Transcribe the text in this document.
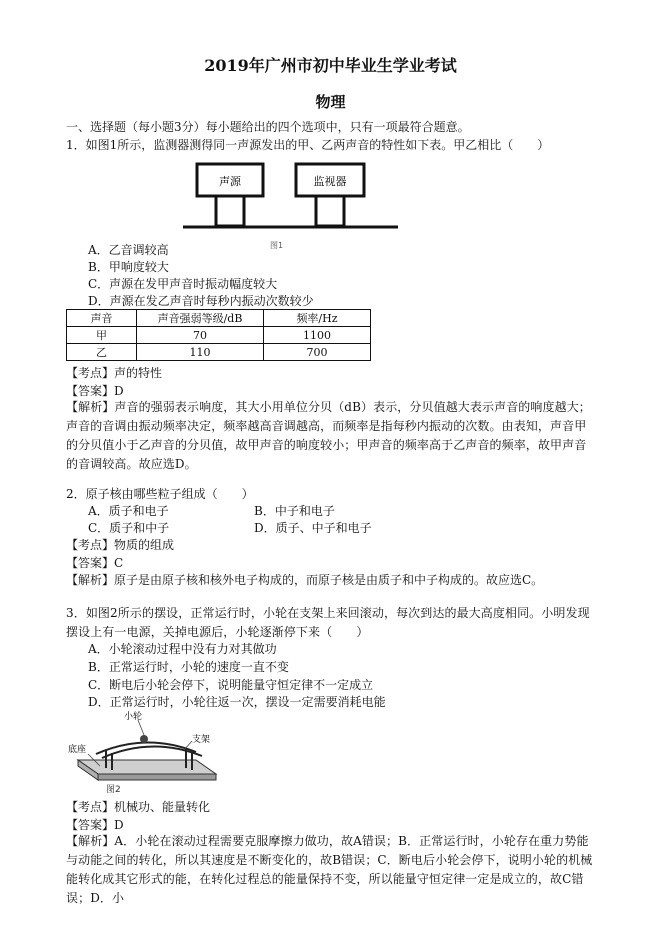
2019年广州市初中毕业生学业考试
物理
一、选择题（每小题3分）每小题给出的四个选项中，只有一项最符合题意。
1．如图1所示，监测器测得同一声源发出的甲、乙两声音的特性如下表。甲乙相比（　　）
声源	监视器
图1
A．乙音调较高
B．甲响度较大
C．声源在发甲声音时振动幅度较大
D．声源在发乙声音时每秒内振动次数较少
声音	声音强弱等级/dB	频率/Hz
甲	70	1100
乙	110	700
【考点】声的特性
【答案】D
【解析】声音的强弱表示响度，其大小用单位分贝（dB）表示，分贝值越大表示声音的响度越大；声音的音调由振动频率决定，频率越高音调越高，而频率是指每秒内振动的次数。由表知，声音甲的分贝值小于乙声音的分贝值，故甲声音的响度较小；甲声音的频率高于乙声音的频率，故甲声音的音调较高。故应选D。
2．原子核由哪些粒子组成（　　）
A．质子和电子	B．中子和电子
C．质子和中子	D．质子、中子和电子
【考点】物质的组成
【答案】C
【解析】原子是由原子核和核外电子构成的，而原子核是由质子和中子构成的。故应选C。
3．如图2所示的摆设，正常运行时，小轮在支架上来回滚动，每次到达的最大高度相同。小明发现摆设上有一电源，关掉电源后，小轮逐渐停下来（　　）
A．小轮滚动过程中没有力对其做功
B．正常运行时，小轮的速度一直不变
C．断电后小轮会停下，说明能量守恒定律不一定成立
D．正常运行时，小轮往返一次，摆设一定需要消耗电能
小轮
底座
支架
图2
【考点】机械功、能量转化
【答案】D
【解析】A．小轮在滚动过程需要克服摩擦力做功，故A错误；B．正常运行时，小轮存在重力势能与动能之间的转化，所以其速度是不断变化的，故B错误；C．断电后小轮会停下，说明小轮的机械能转化成其它形式的能，在转化过程总的能量保持不变，所以能量守恒定律一定是成立的，故C错误；D．小
